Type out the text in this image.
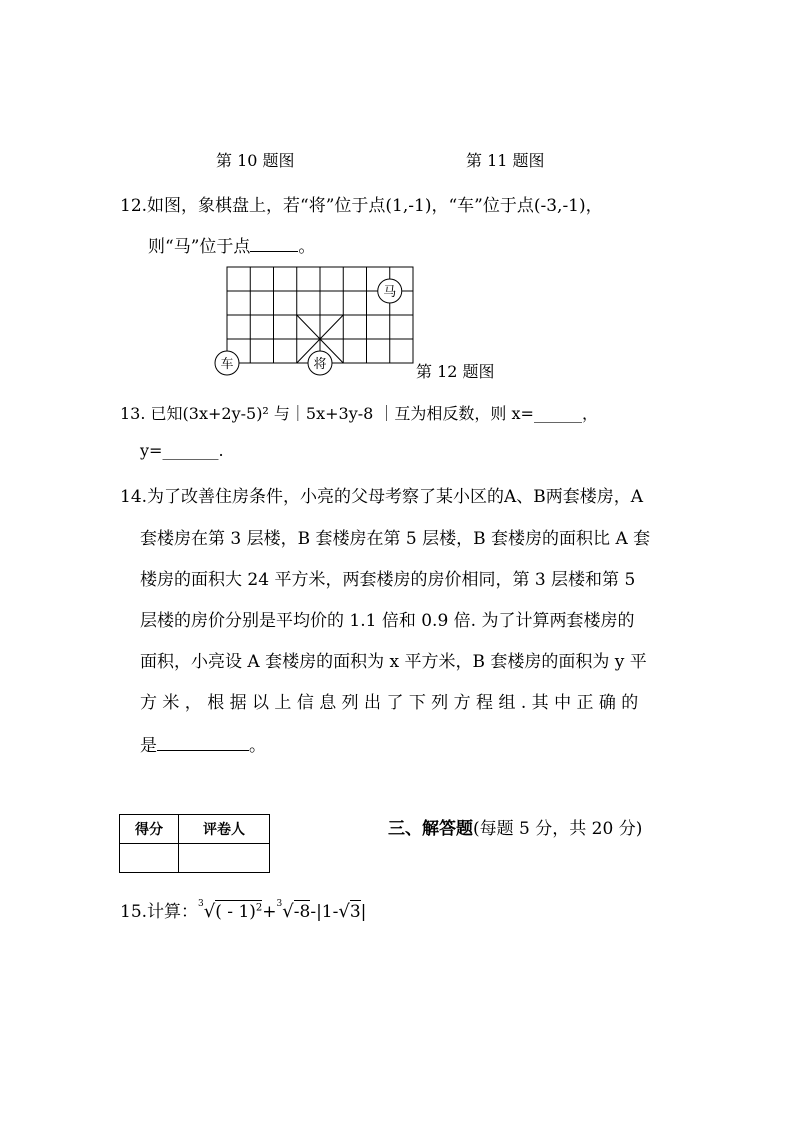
第 10 题图	第 11 题图
12.如图，象棋盘上，若“将”位于点(1,-1)，“车”位于点(-3,-1)，
则“马”位于点	。
马
车	将	第 12 题图
13. 已知(3x+2y-5)² 与｜5x+3y-8 ｜互为相反数，则 x=______，
y=_______.
14.为了改善住房条件，小亮的父母考察了某小区的A、B两套楼房，A
套楼房在第 3 层楼，B 套楼房在第 5 层楼，B 套楼房的面积比 A 套
楼房的面积大 24 平方米，两套楼房的房价相同，第 3 层楼和第 5
层楼的房价分别是平均价的 1.1 倍和 0.9 倍. 为了计算两套楼房的
面积，小亮设 A 套楼房的面积为 x 平方米，B 套楼房的面积为 y 平
方 米 ， 根 据 以 上 信 息 列 出 了 下 列 方 程 组 . 其 中 正 确 的
是	。
得分	评卷人
		三、解答题(每题 5 分，共 20 分)
15.计算：$^3$√( - 1)$^2$+$^3$√-8-|1-√3|
